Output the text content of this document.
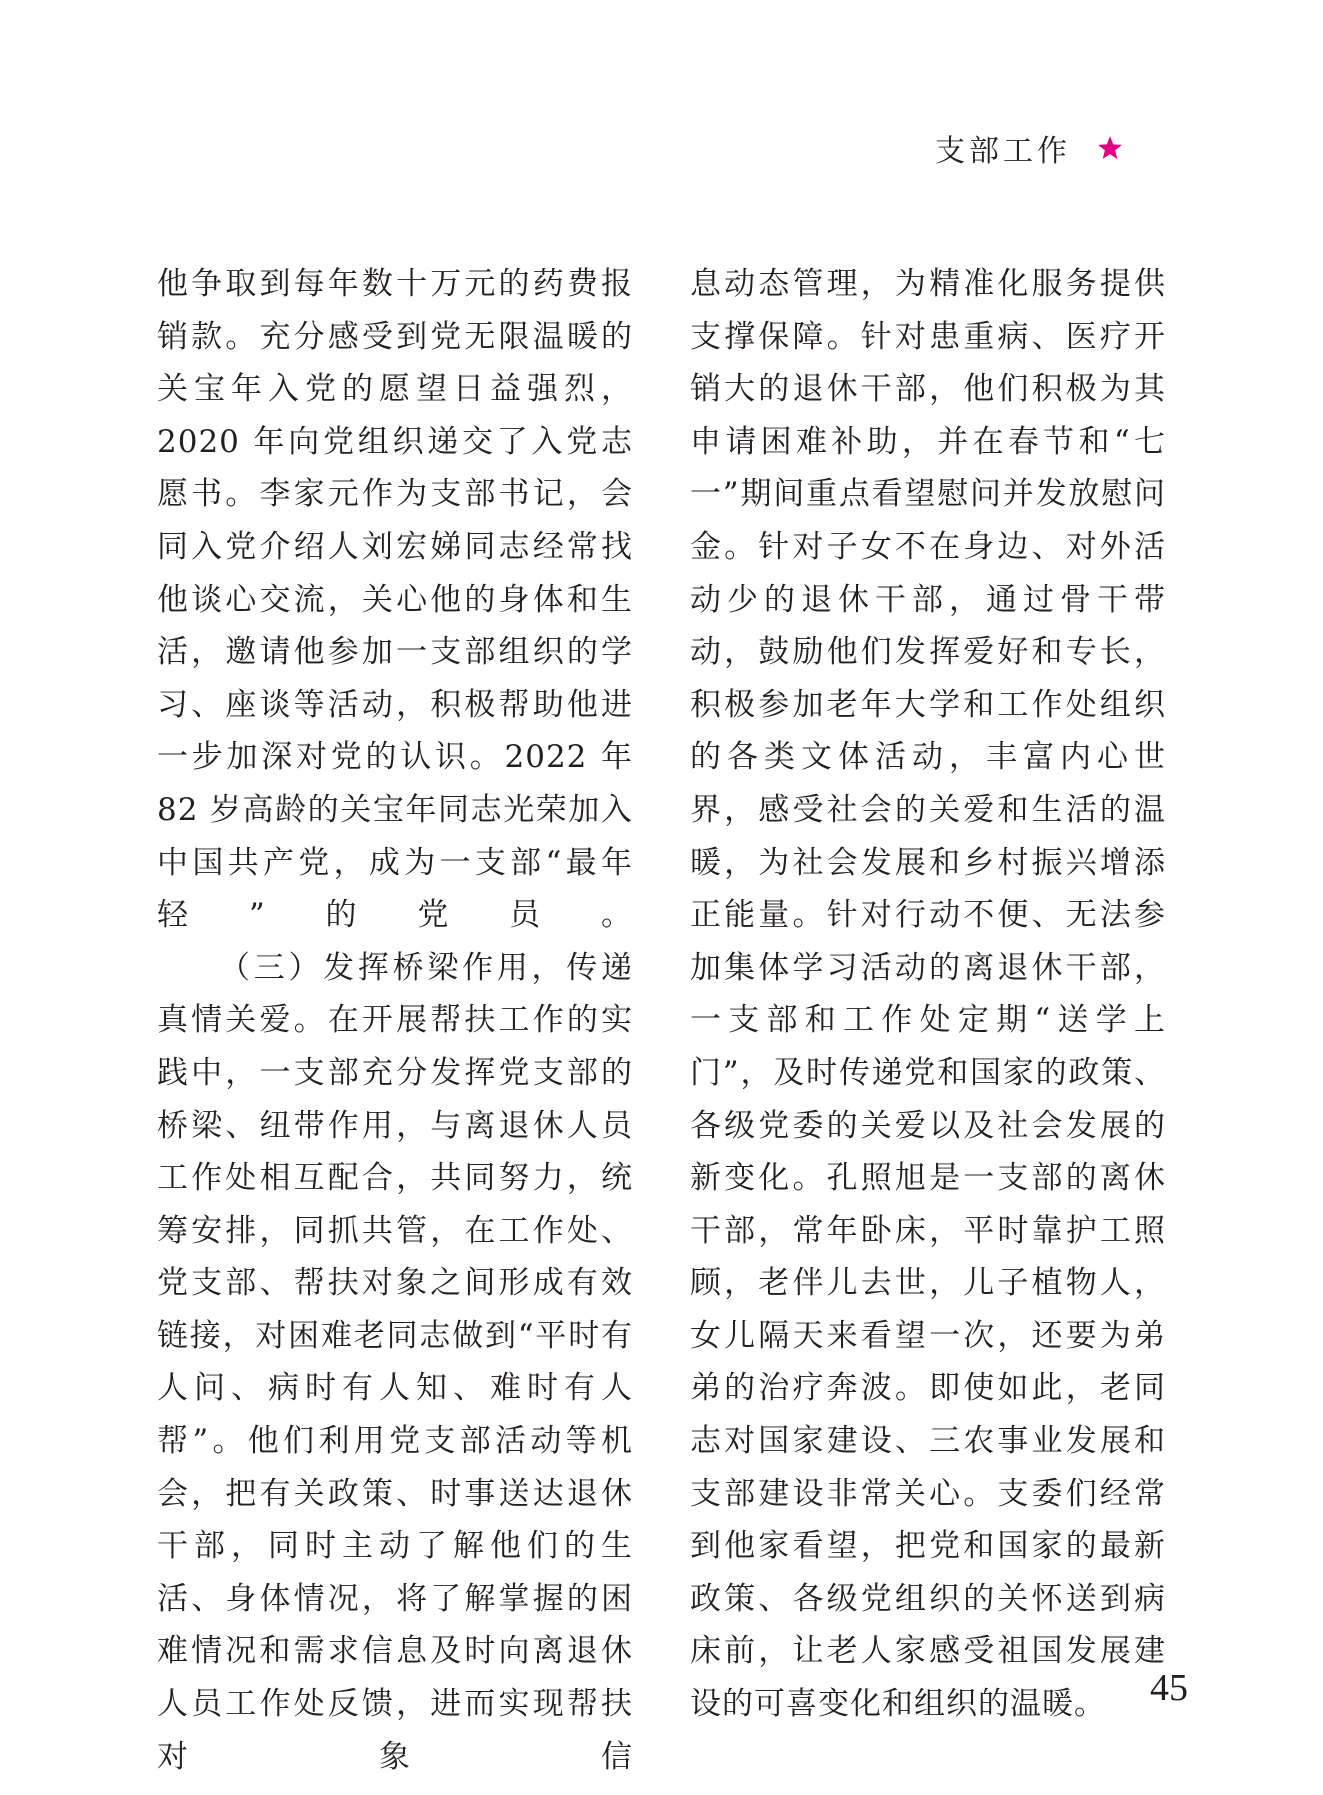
支部工作

他争取到每年数十万元的药费报销款。充分感受到党无限温暖的关宝年入党的愿望日益强烈，2020 年向党组织递交了入党志愿书。李家元作为支部书记，会同入党介绍人刘宏娣同志经常找他谈心交流，关心他的身体和生活，邀请他参加一支部组织的学习、座谈等活动，积极帮助他进一步加深对党的认识。2022 年 82 岁高龄的关宝年同志光荣加入中国共产党，成为一支部“最年轻”的党员。

（三）发挥桥梁作用，传递真情关爱。在开展帮扶工作的实践中，一支部充分发挥党支部的桥梁、纽带作用，与离退休人员工作处相互配合，共同努力，统筹安排，同抓共管，在工作处、党支部、帮扶对象之间形成有效链接，对困难老同志做到“平时有人问、病时有人知、难时有人帮”。他们利用党支部活动等机会，把有关政策、时事送达退休干部，同时主动了解他们的生活、身体情况，将了解掌握的困难情况和需求信息及时向离退休人员工作处反馈，进而实现帮扶对象信

息动态管理，为精准化服务提供支撑保障。针对患重病、医疗开销大的退休干部，他们积极为其申请困难补助，并在春节和“七一”期间重点看望慰问并发放慰问金。针对子女不在身边、对外活动少的退休干部，通过骨干带动，鼓励他们发挥爱好和专长，积极参加老年大学和工作处组织的各类文体活动，丰富内心世界，感受社会的关爱和生活的温暖，为社会发展和乡村振兴增添正能量。针对行动不便、无法参加集体学习活动的离退休干部，一支部和工作处定期“送学上门”，及时传递党和国家的政策、各级党委的关爱以及社会发展的新变化。孔照旭是一支部的离休干部，常年卧床，平时靠护工照顾，老伴儿去世，儿子植物人，女儿隔天来看望一次，还要为弟弟的治疗奔波。即使如此，老同志对国家建设、三农事业发展和支部建设非常关心。支委们经常到他家看望，把党和国家的最新政策、各级党组织的关怀送到病床前，让老人家感受祖国发展建设的可喜变化和组织的温暖。	45
